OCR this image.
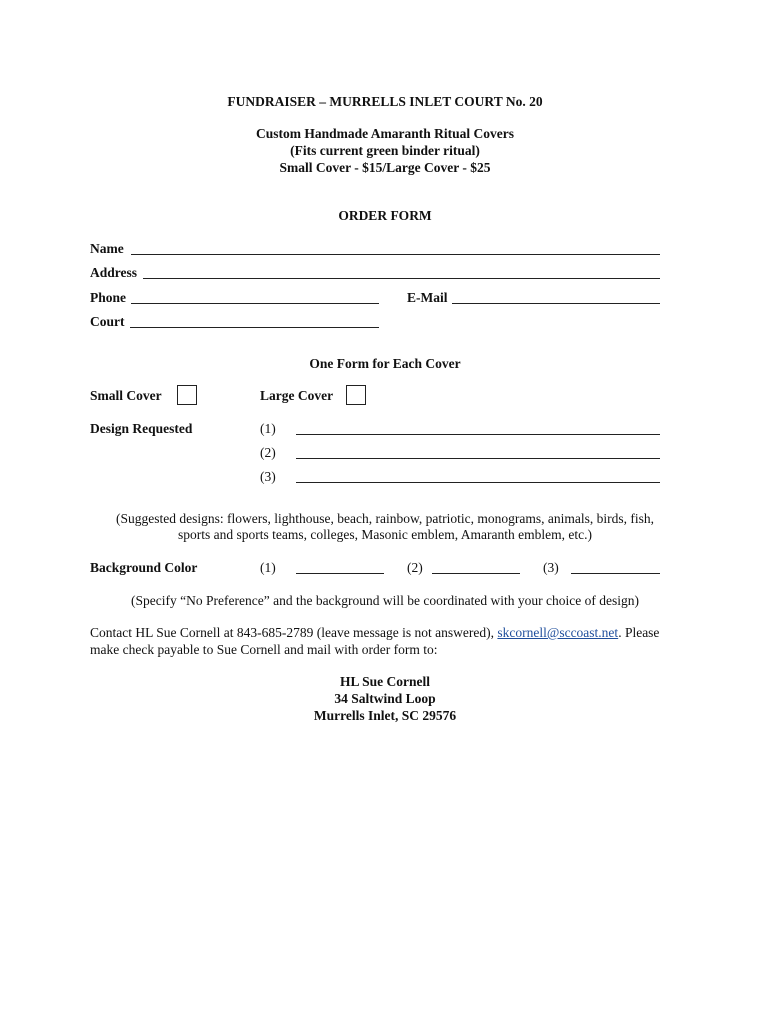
FUNDRAISER – MURRELLS INLET COURT No. 20
Custom Handmade Amaranth Ritual Covers
(Fits current green binder ritual)
Small Cover - $15/Large Cover - $25
ORDER FORM
Name
Address
Phone	E-Mail
Court
One Form for Each Cover
Small Cover	Large Cover
Design Requested	(1)
(2)
(3)
(Suggested designs: flowers, lighthouse, beach, rainbow, patriotic, monograms, animals, birds, fish,
sports and sports teams, colleges, Masonic emblem, Amaranth emblem, etc.)
Background Color	(1)	(2)	(3)
(Specify “No Preference” and the background will be coordinated with your choice of design)
Contact HL Sue Cornell at 843-685-2789 (leave message is not answered), skcornell@sccoast.net. Please
make check payable to Sue Cornell and mail with order form to:
HL Sue Cornell
34 Saltwind Loop
Murrells Inlet, SC 29576
